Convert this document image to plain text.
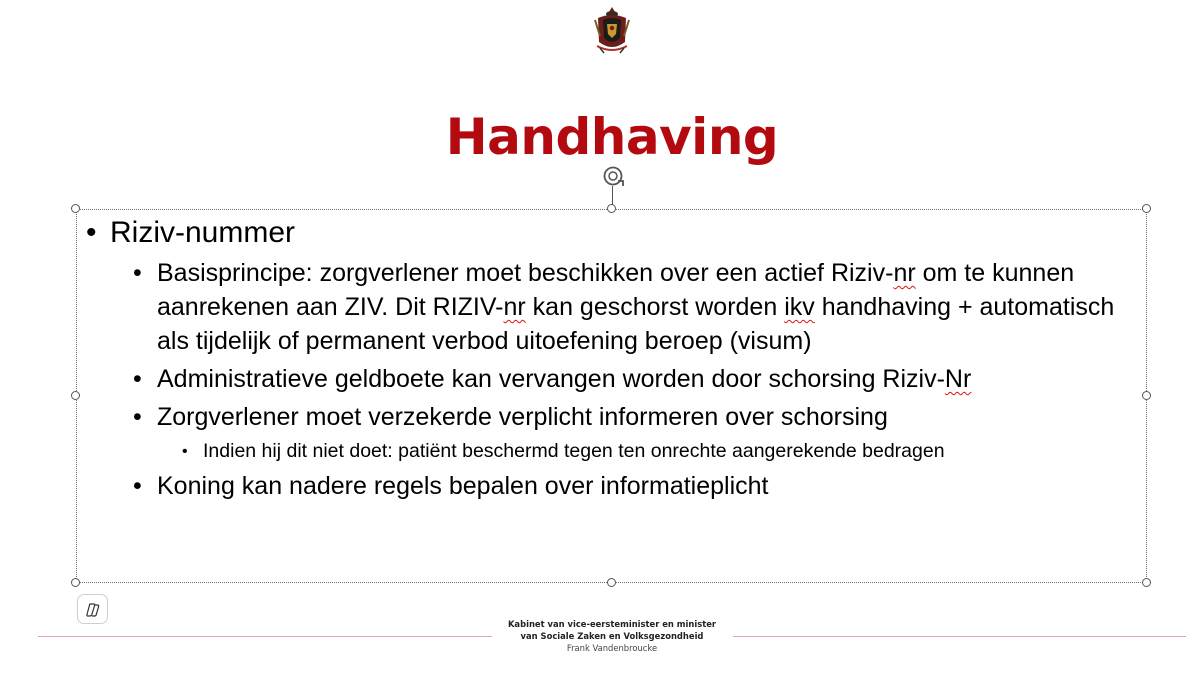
Handhaving

• Riziv-nummer

• Basisprincipe: zorgverlener moet beschikken over een actief Riziv-nr om te kunnen aanrekenen aan ZIV. Dit RIZIV-nr kan geschorst worden ikv handhaving + automatisch als tijdelijk of permanent verbod uitoefening beroep (visum)

• Administratieve geldboete kan vervangen worden door schorsing Riziv-Nr

• Zorgverlener moet verzekerde verplicht informeren over schorsing

• Indien hij dit niet doet: patiënt beschermd tegen ten onrechte aangerekende bedragen

• Koning kan nadere regels bepalen over informatieplicht

Kabinet van vice-eersteminister en minister
van Sociale Zaken en Volksgezondheid
Frank Vandenbroucke
